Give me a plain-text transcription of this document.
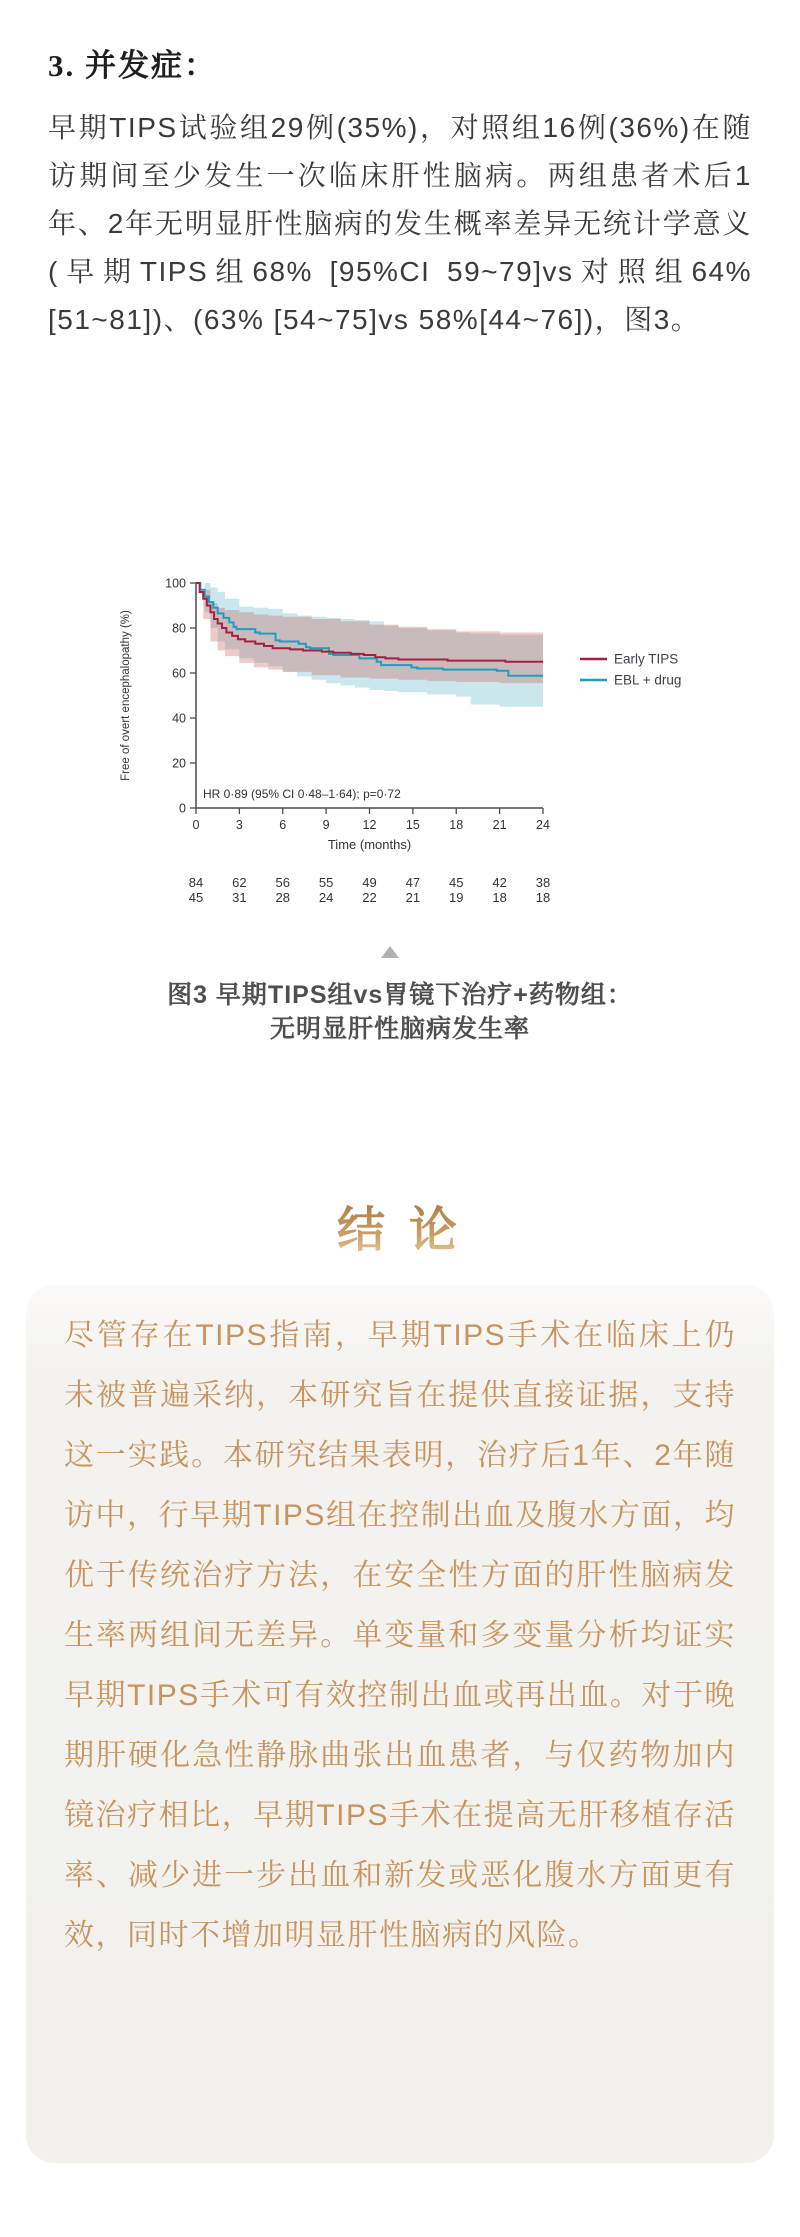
3. 并发症：
早期TIPS试验组29例(35%)，对照组16例(36%)在随访期间至少发生一次临床肝性脑病。两组患者术后1年、2年无明显肝性脑病的发生概率差异无统计学意义(早期TIPS组68% [95%CI 59~79]vs对照组64%[51~81])、(63% [54~75]vs 58%[44~76])，图3。
0
20
40
60
80
100
0	3	6	9	12 15 18 21 24
Time (months)
Free of overt encephalopathy (%)
HR 0·89 (95% CI 0·48–1·64); p=0·72
Early TIPS
EBL + drug
84 62 56 55 49 47 45 42 38
45 31 28 24 22 21 19 18 18
图3 早期TIPS组vs胃镜下治疗+药物组：
无明显肝性脑病发生率
结 论
尽管存在TIPS指南，早期TIPS手术在临床上仍未被普遍采纳，本研究旨在提供直接证据，支持这一实践。本研究结果表明，治疗后1年、2年随访中，行早期TIPS组在控制出血及腹水方面，均优于传统治疗方法，在安全性方面的肝性脑病发生率两组间无差异。单变量和多变量分析均证实早期TIPS手术可有效控制出血或再出血。对于晚期肝硬化急性静脉曲张出血患者，与仅药物加内镜治疗相比，早期TIPS手术在提高无肝移植存活率、减少进一步出血和新发或恶化腹水方面更有效，同时不增加明显肝性脑病的风险。
